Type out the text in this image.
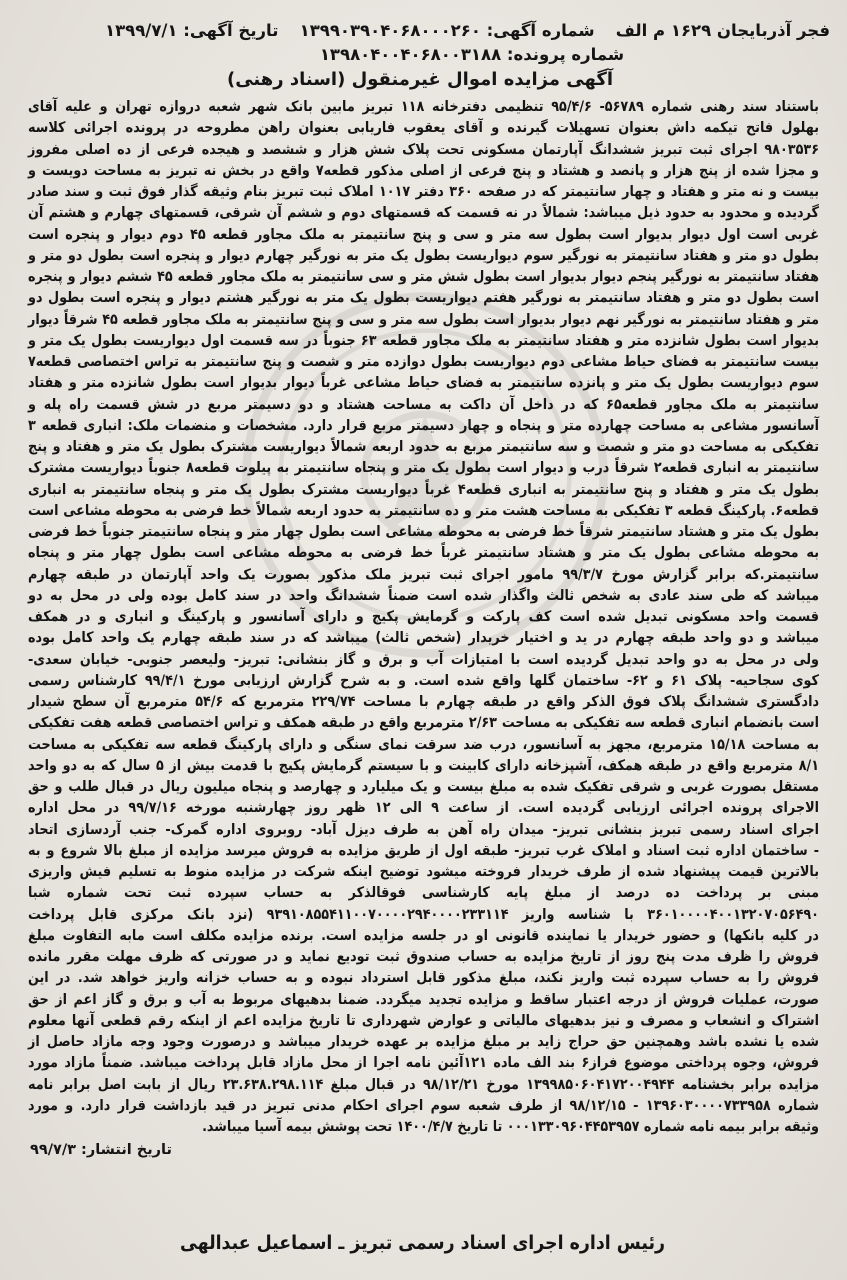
فجر آذربایجان ۱۶۲۹ م الف
شماره آگهی: ۱۳۹۹۰۳۹۰۴۰۶۸۰۰۰۲۶۰
تاریخ آگهی: ۱۳۹۹/۷/۱
شماره پرونده: ۱۳۹۸۰۴۰۰۴۰۶۸۰۰۳۱۸۸
آگهی مزایده اموال غیرمنقول (اسناد رهنی)
باستناد سند رهنی شماره ۵۶۷۸۹- ۹۵/۴/۶ تنظیمی دفترخانه ۱۱۸ تبریز مابین بانک شهر شعبه دروازه تهران و علیه آقای
بهلول فاتح تیکمه داش بعنوان تسهیلات گیرنده و آقای یعقوب فاریابی بعنوان راهن مطروحه در پرونده اجرائی کلاسه
۹۸۰۳۵۳۶ اجرای ثبت تبریز ششدانگ آپارتمان مسکونی تحت پلاک شش هزار و ششصد و هیجده فرعی از ده اصلی مفروز
و مجزا شده از پنج هزار و پانصد و هشتاد و پنج فرعی از اصلی مذکور قطعه۷ واقع در بخش نه تبریز به مساحت دویست و
بیست و نه متر و هفتاد و چهار سانتیمتر که در صفحه ۳۶۰ دفتر ۱۰۱۷ املاک ثبت تبریز بنام وثیقه گذار فوق ثبت و سند صادر
گردیده و محدود به حدود ذیل میباشد: شمالاً در نه قسمت که قسمتهای دوم و ششم آن شرقی، قسمتهای چهارم و هشتم آن
غربی است اول دیوار بدیوار است بطول سه متر و سی و پنج سانتیمتر به ملک مجاور قطعه ۴۵ دوم دیوار و پنجره است
بطول دو متر و هفتاد سانتیمتر به نورگیر سوم دیواریست بطول یک متر به نورگیر چهارم دیوار و پنجره است بطول دو متر و
هفتاد سانتیمتر به نورگیر پنجم دیوار بدیوار است بطول شش متر و سی سانتیمتر به ملک مجاور قطعه ۴۵ ششم دیوار و پنجره
است بطول دو متر و هفتاد سانتیمتر به نورگیر هفتم دیواریست بطول یک متر به نورگیر هشتم دیوار و پنجره است بطول دو
متر و هفتاد سانتیمتر به نورگیر نهم دیوار بدیوار است بطول سه متر و سی و پنج سانتیمتر به ملک مجاور قطعه ۴۵ شرقاً دیوار
بدیوار است بطول شانزده متر و هفتاد سانتیمتر به ملک مجاور قطعه ۶۳ جنوباً در سه قسمت اول دیواریست بطول یک متر و
بیست سانتیمتر به فضای حیاط مشاعی دوم دیواریست بطول دوازده متر و شصت و پنج سانتیمتر به تراس اختصاصی قطعه۷
سوم دیواریست بطول یک متر و پانزده سانتیمتر به فضای حیاط مشاعی غرباً دیوار بدیوار است بطول شانزده متر و هفتاد
سانتیمتر به ملک مجاور قطعه۶۵ که در داخل آن داکت به مساحت هشتاد و دو دسیمتر مربع در شش قسمت راه پله و
آسانسور مشاعی به مساحت چهارده متر و پنجاه و چهار دسیمتر مربع قرار دارد. مشخصات و منضمات ملک: انباری قطعه ۳
تفکیکی به مساحت دو متر و شصت و سه سانتیمتر مربع به حدود اربعه شمالاً دیواریست مشترک بطول یک متر و هفتاد و پنج
سانتیمتر به انباری قطعه۲ شرقاً درب و دیوار است بطول یک متر و پنجاه سانتیمتر به پیلوت قطعه۸ جنوباً دیواریست مشترک
بطول یک متر و هفتاد و پنج سانتیمتر به انباری قطعه۴ غرباً دیواریست مشترک بطول یک متر و پنجاه سانتیمتر به انباری
قطعه۶. پارکینگ قطعه ۳ تفکیکی به مساحت هشت متر و ده سانتیمتر به حدود اربعه شمالاً خط فرضی به محوطه مشاعی است
بطول یک متر و هشتاد سانتیمتر شرقاً خط فرضی به محوطه مشاعی است بطول چهار متر و پنجاه سانتیمتر جنوباً خط فرضی
به محوطه مشاعی بطول یک متر و هشتاد سانتیمتر غرباً خط فرضی به محوطه مشاعی است بطول چهار متر و پنجاه
سانتیمتر.که برابر گزارش مورخ ۹۹/۳/۷ مامور اجرای ثبت تبریز ملک مذکور بصورت یک واحد آپارتمان در طبقه چهارم
میباشد که طی سند عادی به شخص ثالث واگذار شده است ضمناً ششدانگ واحد در سند کامل بوده ولی در محل به دو
قسمت واحد مسکونی تبدیل شده است کف پارکت و گرمایش پکیج و دارای آسانسور و پارکینگ و انباری و در همکف
میباشد و دو واحد طبقه چهارم در ید و اختیار خریدار (شخص ثالث) میباشد که در سند طبقه چهارم یک واحد کامل بوده
ولی در محل به دو واحد تبدیل گردیده است با امتیازات آب و برق و گاز بنشانی: تبریز- ولیعصر جنوبی- خیابان سعدی-
کوی سجاحیه- پلاک ۶۱ و ۶۲- ساختمان گلها واقع شده است. و به شرح گزارش ارزیابی مورخ ۹۹/۴/۱ کارشناس رسمی
دادگستری ششدانگ پلاک فوق الذکر واقع در طبقه چهارم با مساحت ۲۲۹/۷۴ مترمربع که ۵۴/۶ مترمربع آن سطح شیدار
است بانضمام انباری قطعه سه تفکیکی به مساحت ۲/۶۳ مترمربع واقع در طبقه همکف و تراس اختصاصی قطعه هفت تفکیکی
به مساحت ۱۵/۱۸ مترمربع، مجهز به آسانسور، درب ضد سرقت نمای سنگی و دارای پارکینگ قطعه سه تفکیکی به مساحت
۸/۱ مترمربع واقع در طبقه همکف، آشپزخانه دارای کابینت و با سیستم گرمایش پکیج با قدمت بیش از ۵ سال که به دو واحد
مستقل بصورت غربی و شرقی تفکیک شده به مبلغ بیست و یک میلیارد و چهارصد و پنجاه میلیون ریال در قبال طلب و حق
الاجرای پرونده اجرائی ارزیابی گردیده است. از ساعت ۹ الی ۱۲ ظهر روز چهارشنبه مورخه ۹۹/۷/۱۶ در محل اداره
اجرای اسناد رسمی تبریز بنشانی تبریز- میدان راه آهن به طرف دیزل آباد- روبروی اداره گمرک- جنب آردسازی اتحاد
- ساختمان اداره ثبت اسناد و املاک غرب تبریز- طبقه اول از طریق مزایده به فروش میرسد مزایده از مبلغ بالا شروع و به
بالاترین قیمت پیشنهاد شده از طرف خریدار فروخته میشود توضیح اینکه شرکت در مزایده منوط به تسلیم فیش واریزی
مبنی بر پرداخت ده درصد از مبلغ پایه کارشناسی فوقالذکر به حساب سپرده ثبت تحت شماره شبا
۳۶۰۱۰۰۰۰۴۰۰۱۳۲۰۷۰۵۶۴۹۰ با شناسه واریز ۹۳۹۱۰۸۵۵۴۱۱۰۰۷۰۰۰۰۲۹۴۰۰۰۰۲۳۳۱۱۴ (نزد بانک مرکزی قابل پرداخت
در کلیه بانکها) و حضور خریدار یا نماینده قانونی او در جلسه مزایده است. برنده مزایده مکلف است مابه التفاوت مبلغ
فروش را ظرف مدت پنج روز از تاریخ مزایده به حساب صندوق ثبت تودیع نماید و در صورتی که ظرف مهلت مقرر مانده
فروش را به حساب سپرده ثبت واریز نکند، مبلغ مذکور قابل استرداد نبوده و به حساب خزانه واریز خواهد شد. در این
صورت، عملیات فروش از درجه اعتبار ساقط و مزایده تجدید میگردد. ضمنا بدهیهای مربوط به آب و برق و گاز اعم از حق
اشتراک و انشعاب و مصرف و نیز بدهیهای مالیاتی و عوارض شهرداری تا تاریخ مزایده اعم از اینکه رقم قطعی آنها معلوم
شده یا نشده باشد وهمچنین حق حراج زاید بر مبلغ مزایده بر عهده خریدار میباشد و درصورت وجود وجه مازاد حاصل از
فروش، وجوه پرداختی موضوع فراز۶ بند الف ماده ۱۲۱آئین نامه اجرا از محل مازاد قابل پرداخت میباشد. ضمناً مازاد مورد
مزایده برابر بخشنامه ۱۳۹۹۸۵۰۶۰۴۱۷۲۰۰۴۹۴۴ مورخ ۹۸/۱۲/۲۱ در قبال مبلغ ۲۳.۶۳۸.۲۹۸.۱۱۴ ریال از بابت اصل برابر نامه
شماره ۱۳۹۶۰۳۰۰۰۰۷۳۳۹۵۸ - ۹۸/۱۲/۱۵ از طرف شعبه سوم اجرای احکام مدنی تبریز در قید بازداشت قرار دارد. و مورد
وثیقه برابر بیمه نامه شماره ۰۰۰۱۳۳۰۹۶۰۴۴۵۳۹۵۷ تا تاریخ ۱۴۰۰/۴/۷ تحت پوشش بیمه آسیا میباشد.
تاریخ انتشار: ۹۹/۷/۳
رئیس اداره اجرای اسناد رسمی تبریز ـ اسماعیل عبدالهی
